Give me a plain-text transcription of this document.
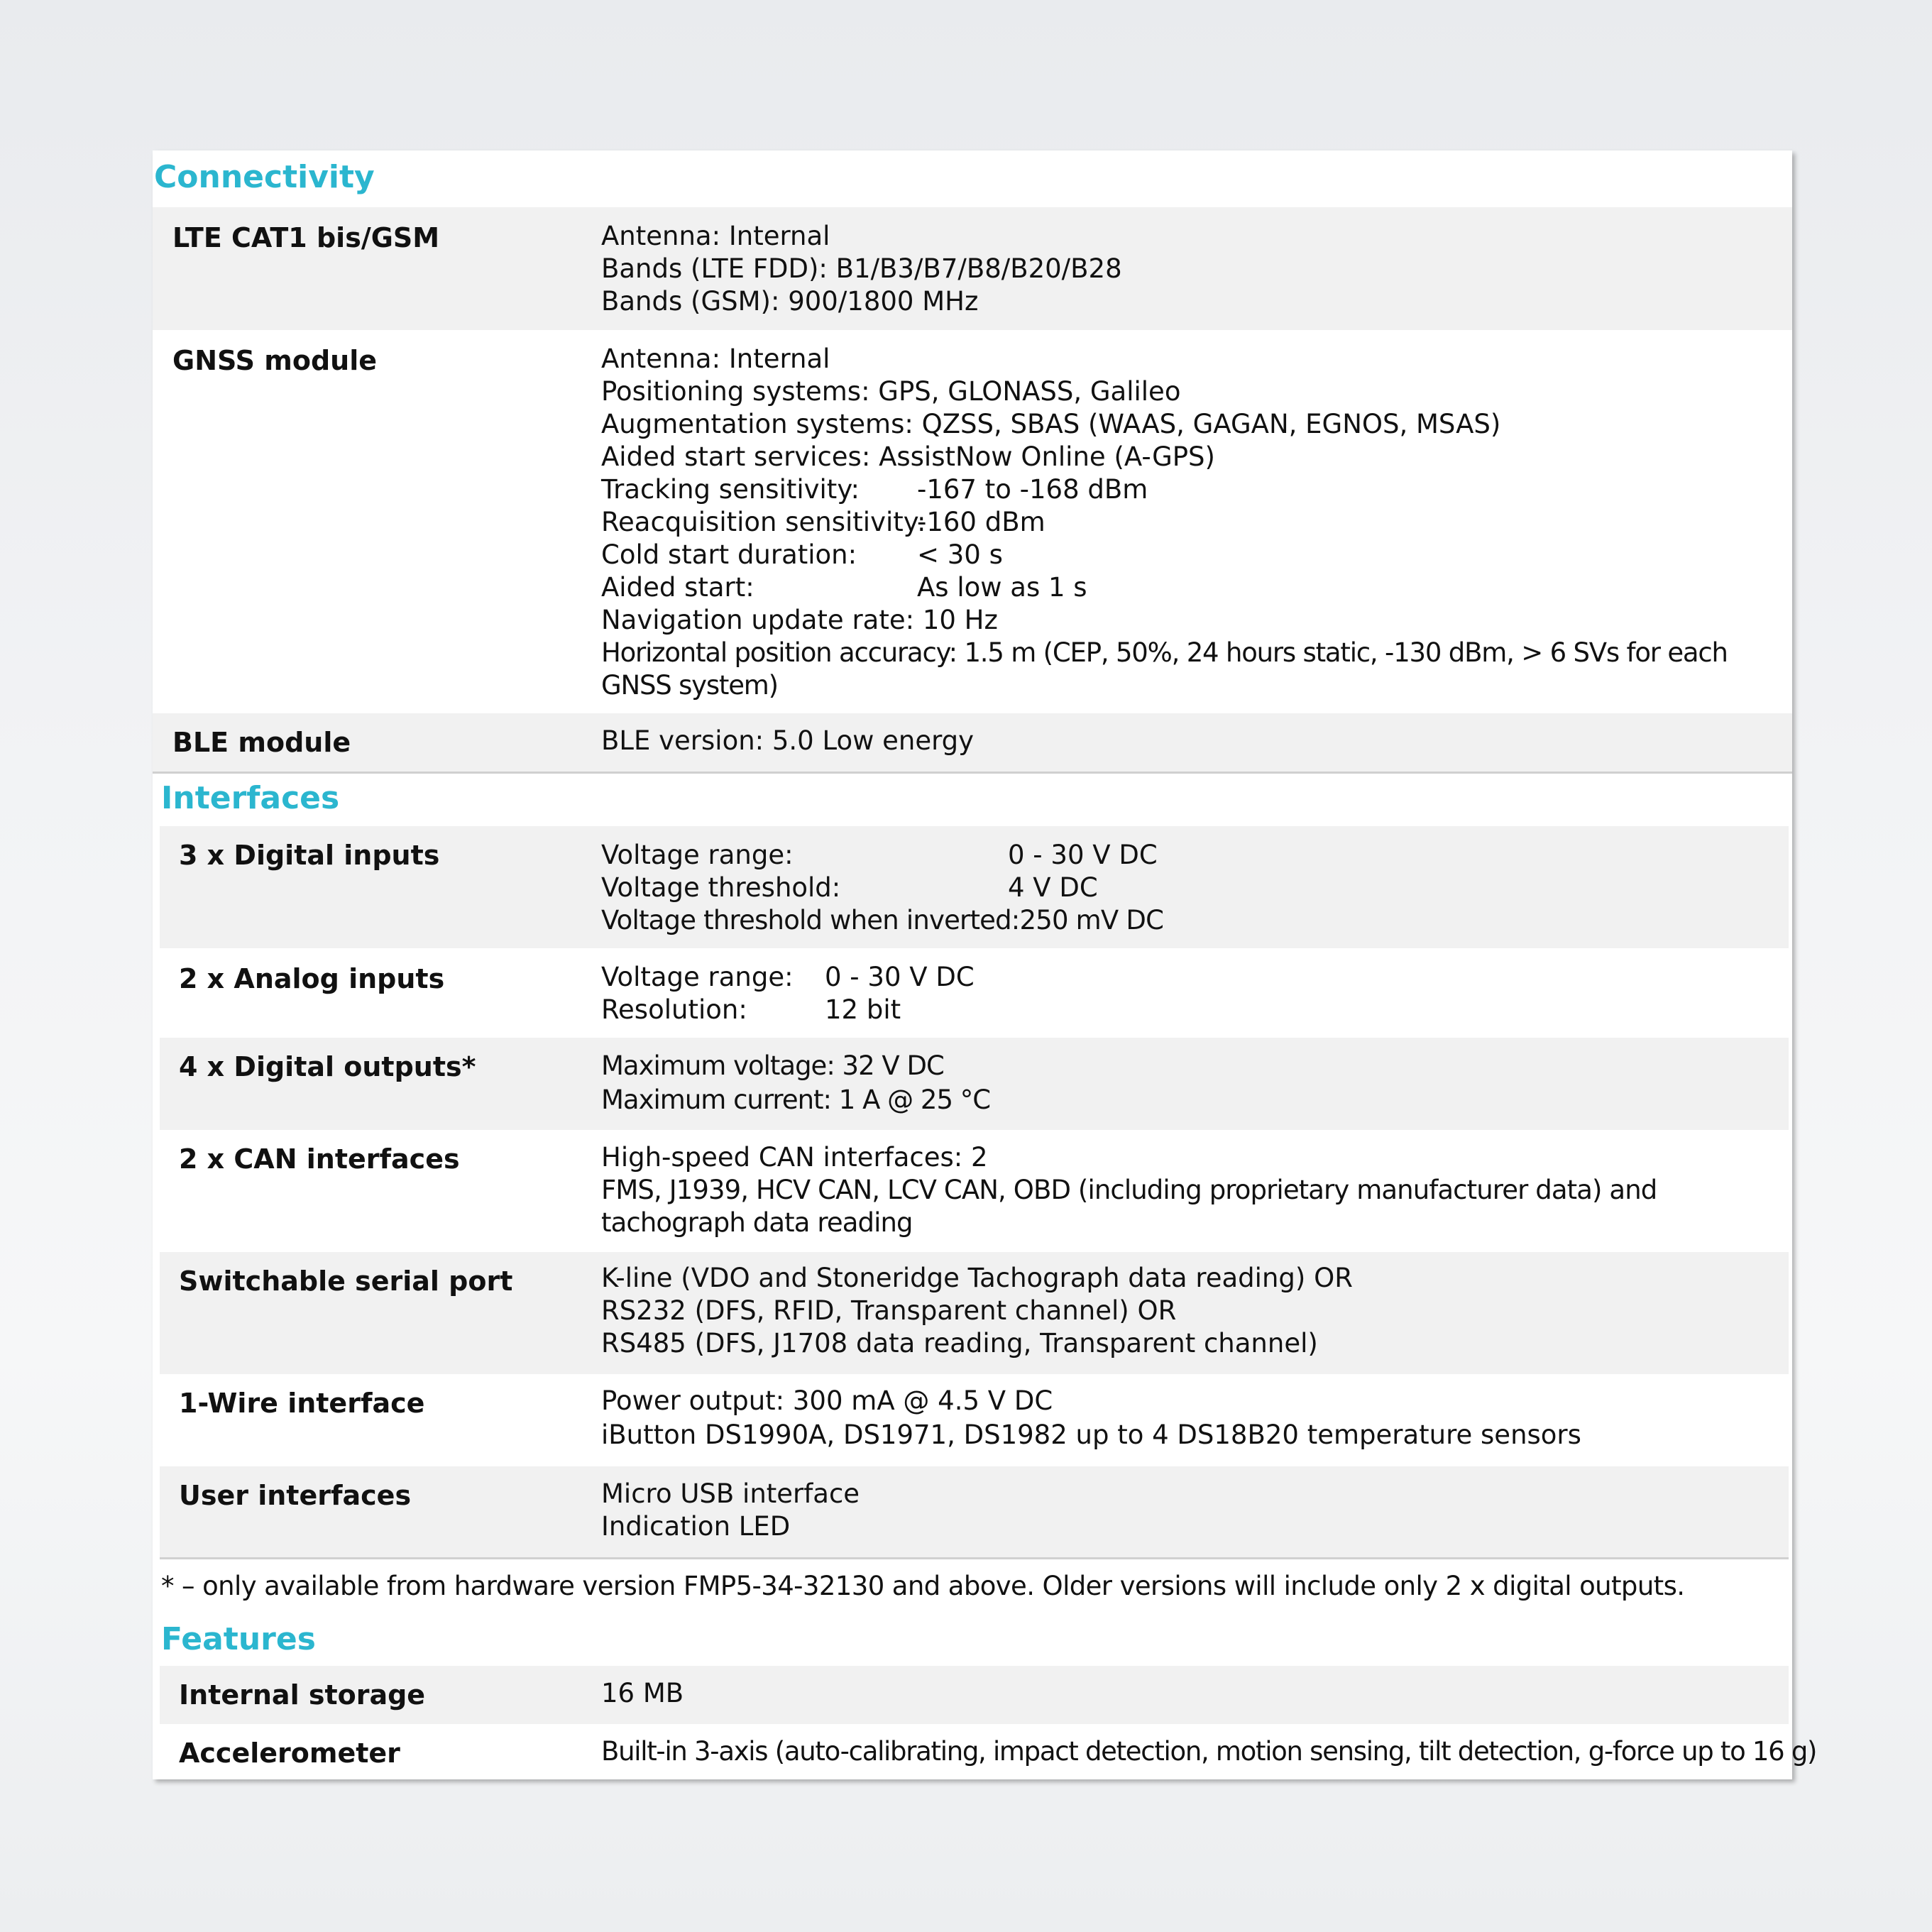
Connectivity
LTE CAT1 bis/GSM	Antenna: Internal
Bands (LTE FDD): B1/B3/B7/B8/B20/B28
Bands (GSM): 900/1800 MHz
GNSS module	Antenna: Internal
Positioning systems: GPS, GLONASS, Galileo
Augmentation systems: QZSS, SBAS (WAAS, GAGAN, EGNOS, MSAS)
Aided start services: AssistNow Online (A-GPS)
Tracking sensitivity: -167 to -168 dBm
Reacquisition sensitivity:-160 dBm
Cold start duration: < 30 s
Aided start:	As low as 1 s
Navigation update rate: 10 Hz
Horizontal position accuracy: 1.5 m (CEP, 50%, 24 hours static, -130 dBm, > 6 SVs for each GNSS system)
BLE module	BLE version: 5.0 Low energy
Interfaces
3 x Digital inputs	Voltage range:	0 - 30 V DC
Voltage threshold:	4 V DC
Voltage threshold when inverted:250 mV DC
2 x Analog inputs	Voltage range: 0 - 30 V DC
Resolution:	12 bit
4 x Digital outputs*	Maximum voltage: 32 V DC
Maximum current: 1 A @ 25 °C
2 x CAN interfaces	High-speed CAN interfaces: 2
FMS, J1939, HCV CAN, LCV CAN, OBD (including proprietary manufacturer data) and tachograph data reading
Switchable serial port	K-line (VDO and Stoneridge Tachograph data reading) OR
RS232 (DFS, RFID, Transparent channel) OR
RS485 (DFS, J1708 data reading, Transparent channel)
1-Wire interface	Power output: 300 mA @ 4.5 V DC
iButton DS1990A, DS1971, DS1982 up to 4 DS18B20 temperature sensors
User interfaces	Micro USB interface
Indication LED
* – only available from hardware version FMP5-34-32130 and above. Older versions will include only 2 x digital outputs.
Features
Internal storage	16 MB
Accelerometer	Built-in 3-axis (auto-calibrating, impact detection, motion sensing, tilt detection, g-force up to 16 g)
